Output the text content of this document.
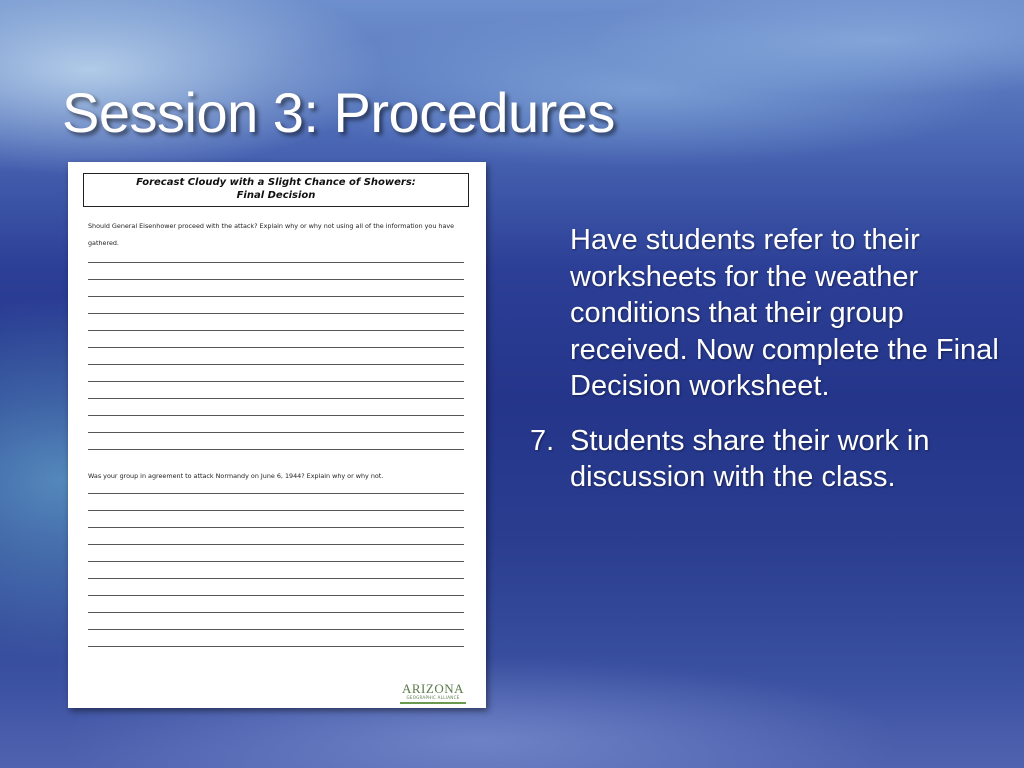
Session 3: Procedures
Forecast Cloudy with a Slight Chance of Showers:
Final Decision
Should General Eisenhower proceed with the attack? Explain why or why not using all of the information you have gathered.
Was your group in agreement to attack Normandy on June 6, 1944? Explain why or why not.
ARIZONA
GEOGRAPHIC ALLIANCE

Have students refer to their worksheets for the weather conditions that their group received. Now complete the Final Decision worksheet.

7. Students share their work in discussion with the class.
